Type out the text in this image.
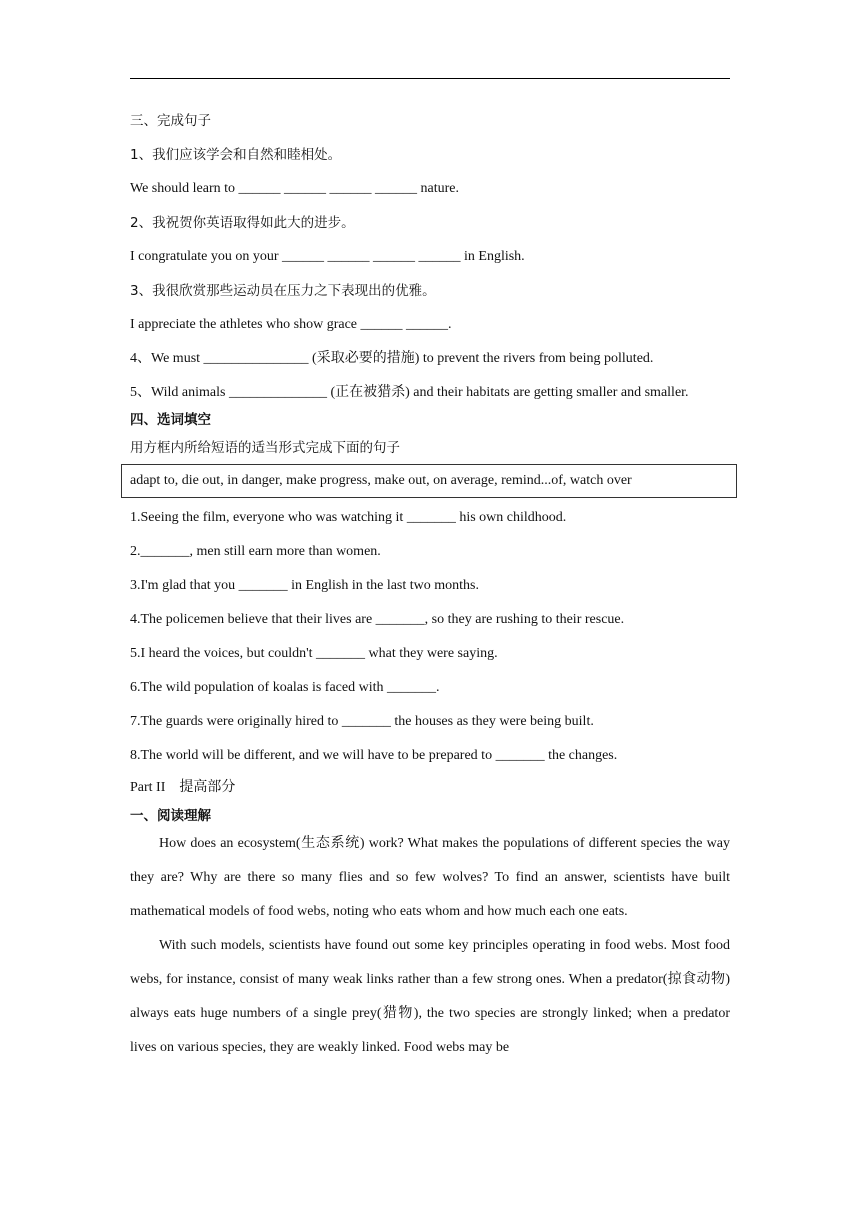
三、完成句子
1、我们应该学会和自然和睦相处。
We should learn to ______ ______ ______ ______ nature.
2、我祝贺你英语取得如此大的进步。
I congratulate you on your ______ ______ ______ ______ in English.
3、我很欣赏那些运动员在压力之下表现出的优雅。
I appreciate the athletes who show grace ______ ______.
4、We must _______________ (采取必要的措施) to prevent the rivers from being polluted.
5、Wild animals ______________ (正在被猎杀) and their habitats are getting smaller and smaller.
四、选词填空
用方框内所给短语的适当形式完成下面的句子
adapt to, die out, in danger, make progress, make out, on average, remind...of, watch over
1.Seeing the film, everyone who was watching it _______ his own childhood.
2._______, men still earn more than women.
3.I'm glad that you _______ in English in the last two months.
4.The policemen believe that their lives are _______, so they are rushing to their rescue.
5.I heard the voices, but couldn't _______ what they were saying.
6.The wild population of koalas is faced with _______.
7.The guards were originally hired to _______ the houses as they were being built.
8.The world will be different, and we will have to be prepared to _______ the changes.
Part II　提高部分
一、阅读理解

How does an ecosystem(生态系统) work? What makes the populations of different species the way they are? Why are there so many flies and so few wolves? To find an answer, scientists have built mathematical models of food webs, noting who eats whom and how much each one eats.

With such models, scientists have found out some key principles operating in food webs. Most food webs, for instance, consist of many weak links rather than a few strong ones. When a predator(掠食动物) always eats huge numbers of a single prey(猎物), the two species are strongly linked; when a predator lives on various species, they are weakly linked. Food webs may be
